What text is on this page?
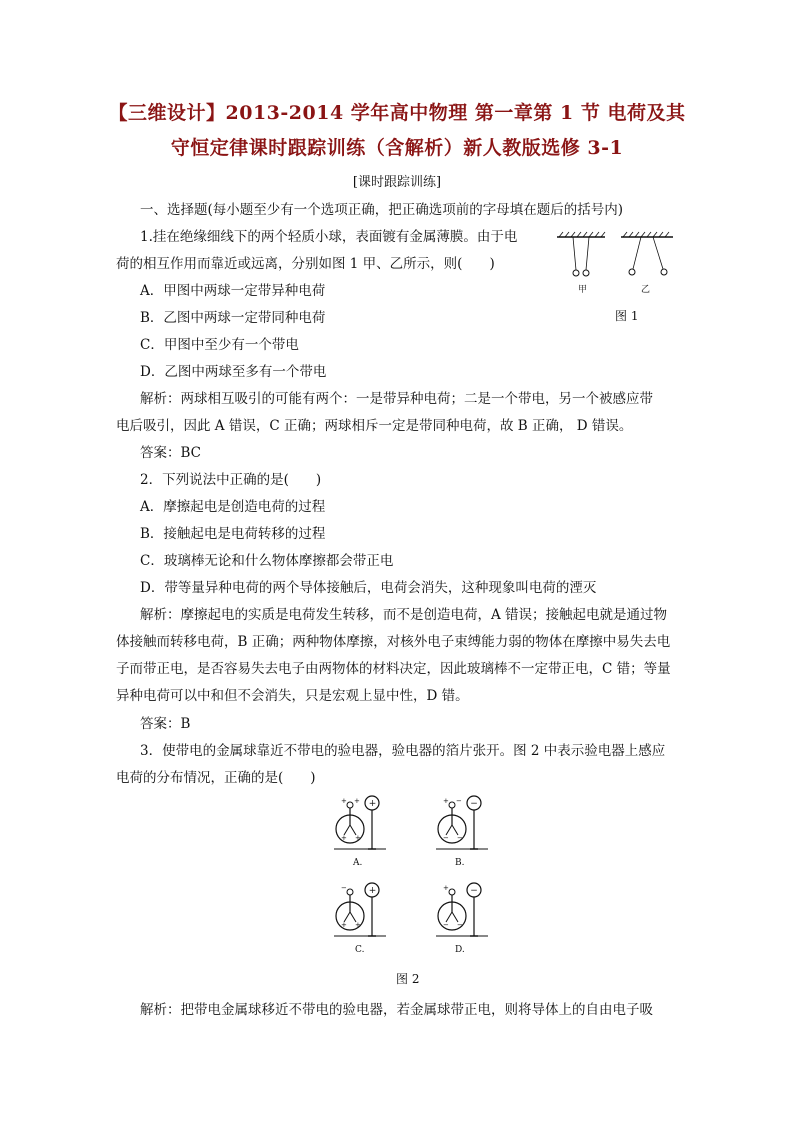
【三维设计】2013-2014 学年高中物理 第一章第 1 节 电荷及其
守恒定律课时跟踪训练（含解析）新人教版选修 3-1
[课时跟踪训练]
一、选择题(每小题至少有一个选项正确，把正确选项前的字母填在题后的括号内)
1.挂在绝缘细线下的两个轻质小球，表面镀有金属薄膜。由于电
荷的相互作用而靠近或远离，分别如图 1 甲、乙所示，则(　　)
A．甲图中两球一定带异种电荷
B．乙图中两球一定带同种电荷
C．甲图中至少有一个带电
D．乙图中两球至多有一个带电
解析：两球相互吸引的可能有两个：一是带异种电荷；二是一个带电，另一个被感应带
电后吸引，因此 A 错误，C 正确；两球相斥一定是带同种电荷，故 B 正确， D 错误。
答案：BC
甲	乙
图 1
2．下列说法中正确的是(　　)
A．摩擦起电是创造电荷的过程
B．接触起电是电荷转移的过程
C．玻璃棒无论和什么物体摩擦都会带正电
D．带等量异种电荷的两个导体接触后，电荷会消失，这种现象叫电荷的湮灭
解析：摩擦起电的实质是电荷发生转移，而不是创造电荷，A 错误；接触起电就是通过物
体接触而转移电荷，B 正确；两种物体摩擦，对核外电子束缚能力弱的物体在摩擦中易失去电
子而带正电，是否容易失去电子由两物体的材料决定，因此玻璃棒不一定带正电，C 错；等量
异种电荷可以中和但不会消失，只是宏观上显中性，D 错。
答案：B
3．使带电的金属球靠近不带电的验电器，验电器的箔片张开。图 2 中表示验电器上感应
电荷的分布情况，正确的是(　　)
+ +
+ +
+
A.
+ −
− −
−
B.
−
+ +
+
C.
+
− −
−
D.
图 2
解析：把带电金属球移近不带电的验电器，若金属球带正电，则将导体上的自由电子吸
